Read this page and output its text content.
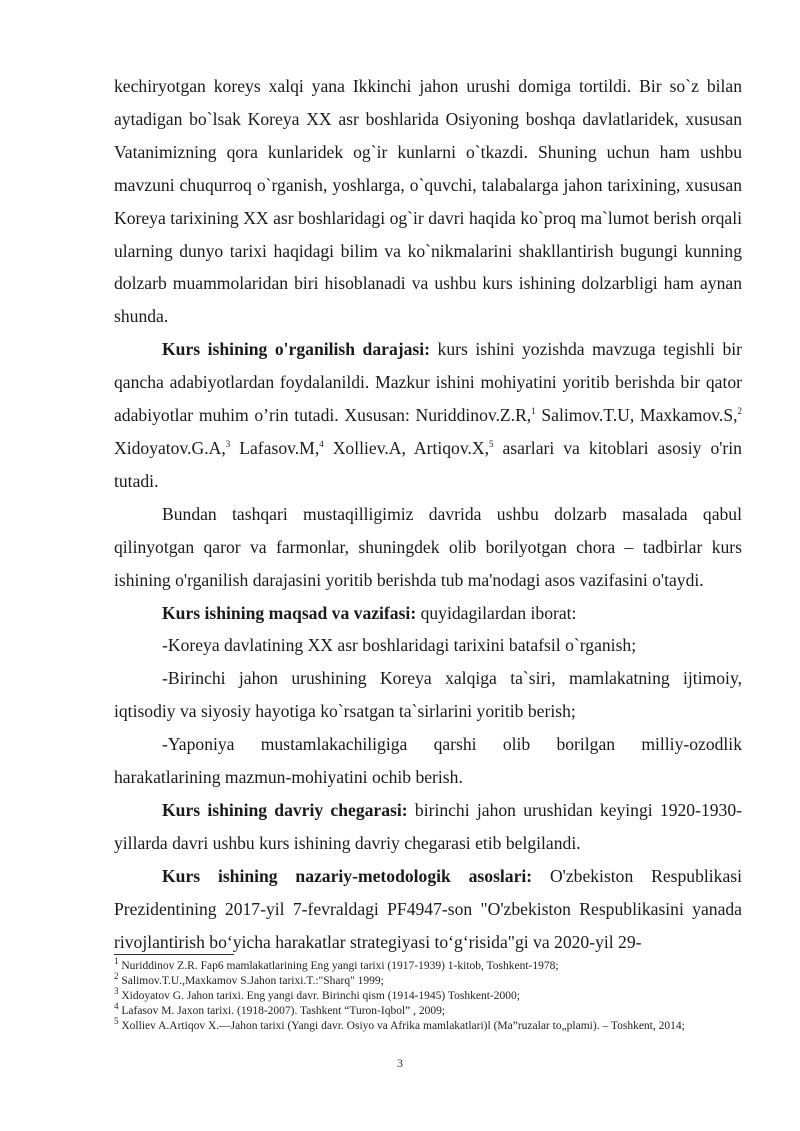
kechiryotgan koreys xalqi yana Ikkinchi jahon urushi domiga tortildi. Bir so`z bilan aytadigan bo`lsak Koreya XX asr boshlarida Osiyoning boshqa davlatlaridek, xususan Vatanimizning qora kunlaridek og`ir kunlarni o`tkazdi. Shuning uchun ham ushbu mavzuni chuqurroq o`rganish, yoshlarga, o`quvchi, talabalarga jahon tarixining, xususan Koreya tarixining XX asr boshlaridagi og`ir davri haqida ko`proq ma`lumot berish orqali ularning dunyo tarixi haqidagi bilim va ko`nikmalarini shakllantirish bugungi kunning dolzarb muammolaridan biri hisoblanadi va ushbu kurs ishining dolzarbligi ham aynan shunda.

Kurs ishining o'rganilish darajasi: kurs ishini yozishda mavzuga tegishli bir qancha adabiyotlardan foydalanildi. Mazkur ishini mohiyatini yoritib berishda bir qator adabiyotlar muhim o’rin tutadi. Xususan: Nuriddinov.Z.R,$^1$ Salimov.T.U, Maxkamov.S,$^2$ Xidoyatov.G.A,$^3$ Lafasov.M,$^4$ Xolliev.A, Artiqov.X,$^5$ asarlari va kitoblari asosiy o'rin tutadi.

Bundan tashqari mustaqilligimiz davrida ushbu dolzarb masalada qabul qilinyotgan qaror va farmonlar, shuningdek olib borilyotgan chora – tadbirlar kurs ishining o'rganilish darajasini yoritib berishda tub ma'nodagi asos vazifasini o'taydi.

Kurs ishining maqsad va vazifasi: quyidagilardan iborat:

-Koreya davlatining XX asr boshlaridagi tarixini batafsil o`rganish;

-Birinchi jahon urushining Koreya xalqiga ta`siri, mamlakatning ijtimoiy, iqtisodiy va siyosiy hayotiga ko`rsatgan ta`sirlarini yoritib berish;

-Yaponiya mustamlakachiligiga qarshi olib borilgan milliy-ozodlik harakatlarining mazmun-mohiyatini ochib berish.

Kurs ishining davriy chegarasi: birinchi jahon urushidan keyingi 1920-1930-yillarda davri ushbu kurs ishining davriy chegarasi etib belgilandi.

Kurs ishining nazariy-metodologik asoslari: O'zbekiston Respublikasi Prezidentining 2017-yil 7-fevraldagi PF4947-son "O'zbekiston Respublikasini yanada rivojlantirish bo‘yicha harakatlar strategiyasi to‘g‘risida"gi va 2020-yil 29-

$^1$ Nuriddinov Z.R. Fap6 mamlakatlarining Eng yangi tarixi (1917-1939) 1-kitob, Toshkent-1978;
$^2$ Salimov.T.U.,Maxkamov S.Jahon tarixi.T.:"Sharq" 1999;
$^3$ Xidoyatov G. Jahon tarixi. Eng yangi davr. Birinchi qism (1914-1945) Toshkent-2000;
$^4$ Lafasov M. Jaxon tarixi. (1918-2007). Tashkent “Turon-Iqbol” , 2009;
$^5$ Xolliev A.Artiqov X.—Jahon tarixi (Yangi davr. Osiyo va Afrika mamlakatlari)l (Ma”ruzalar to„plami). – Toshkent, 2014;
3
